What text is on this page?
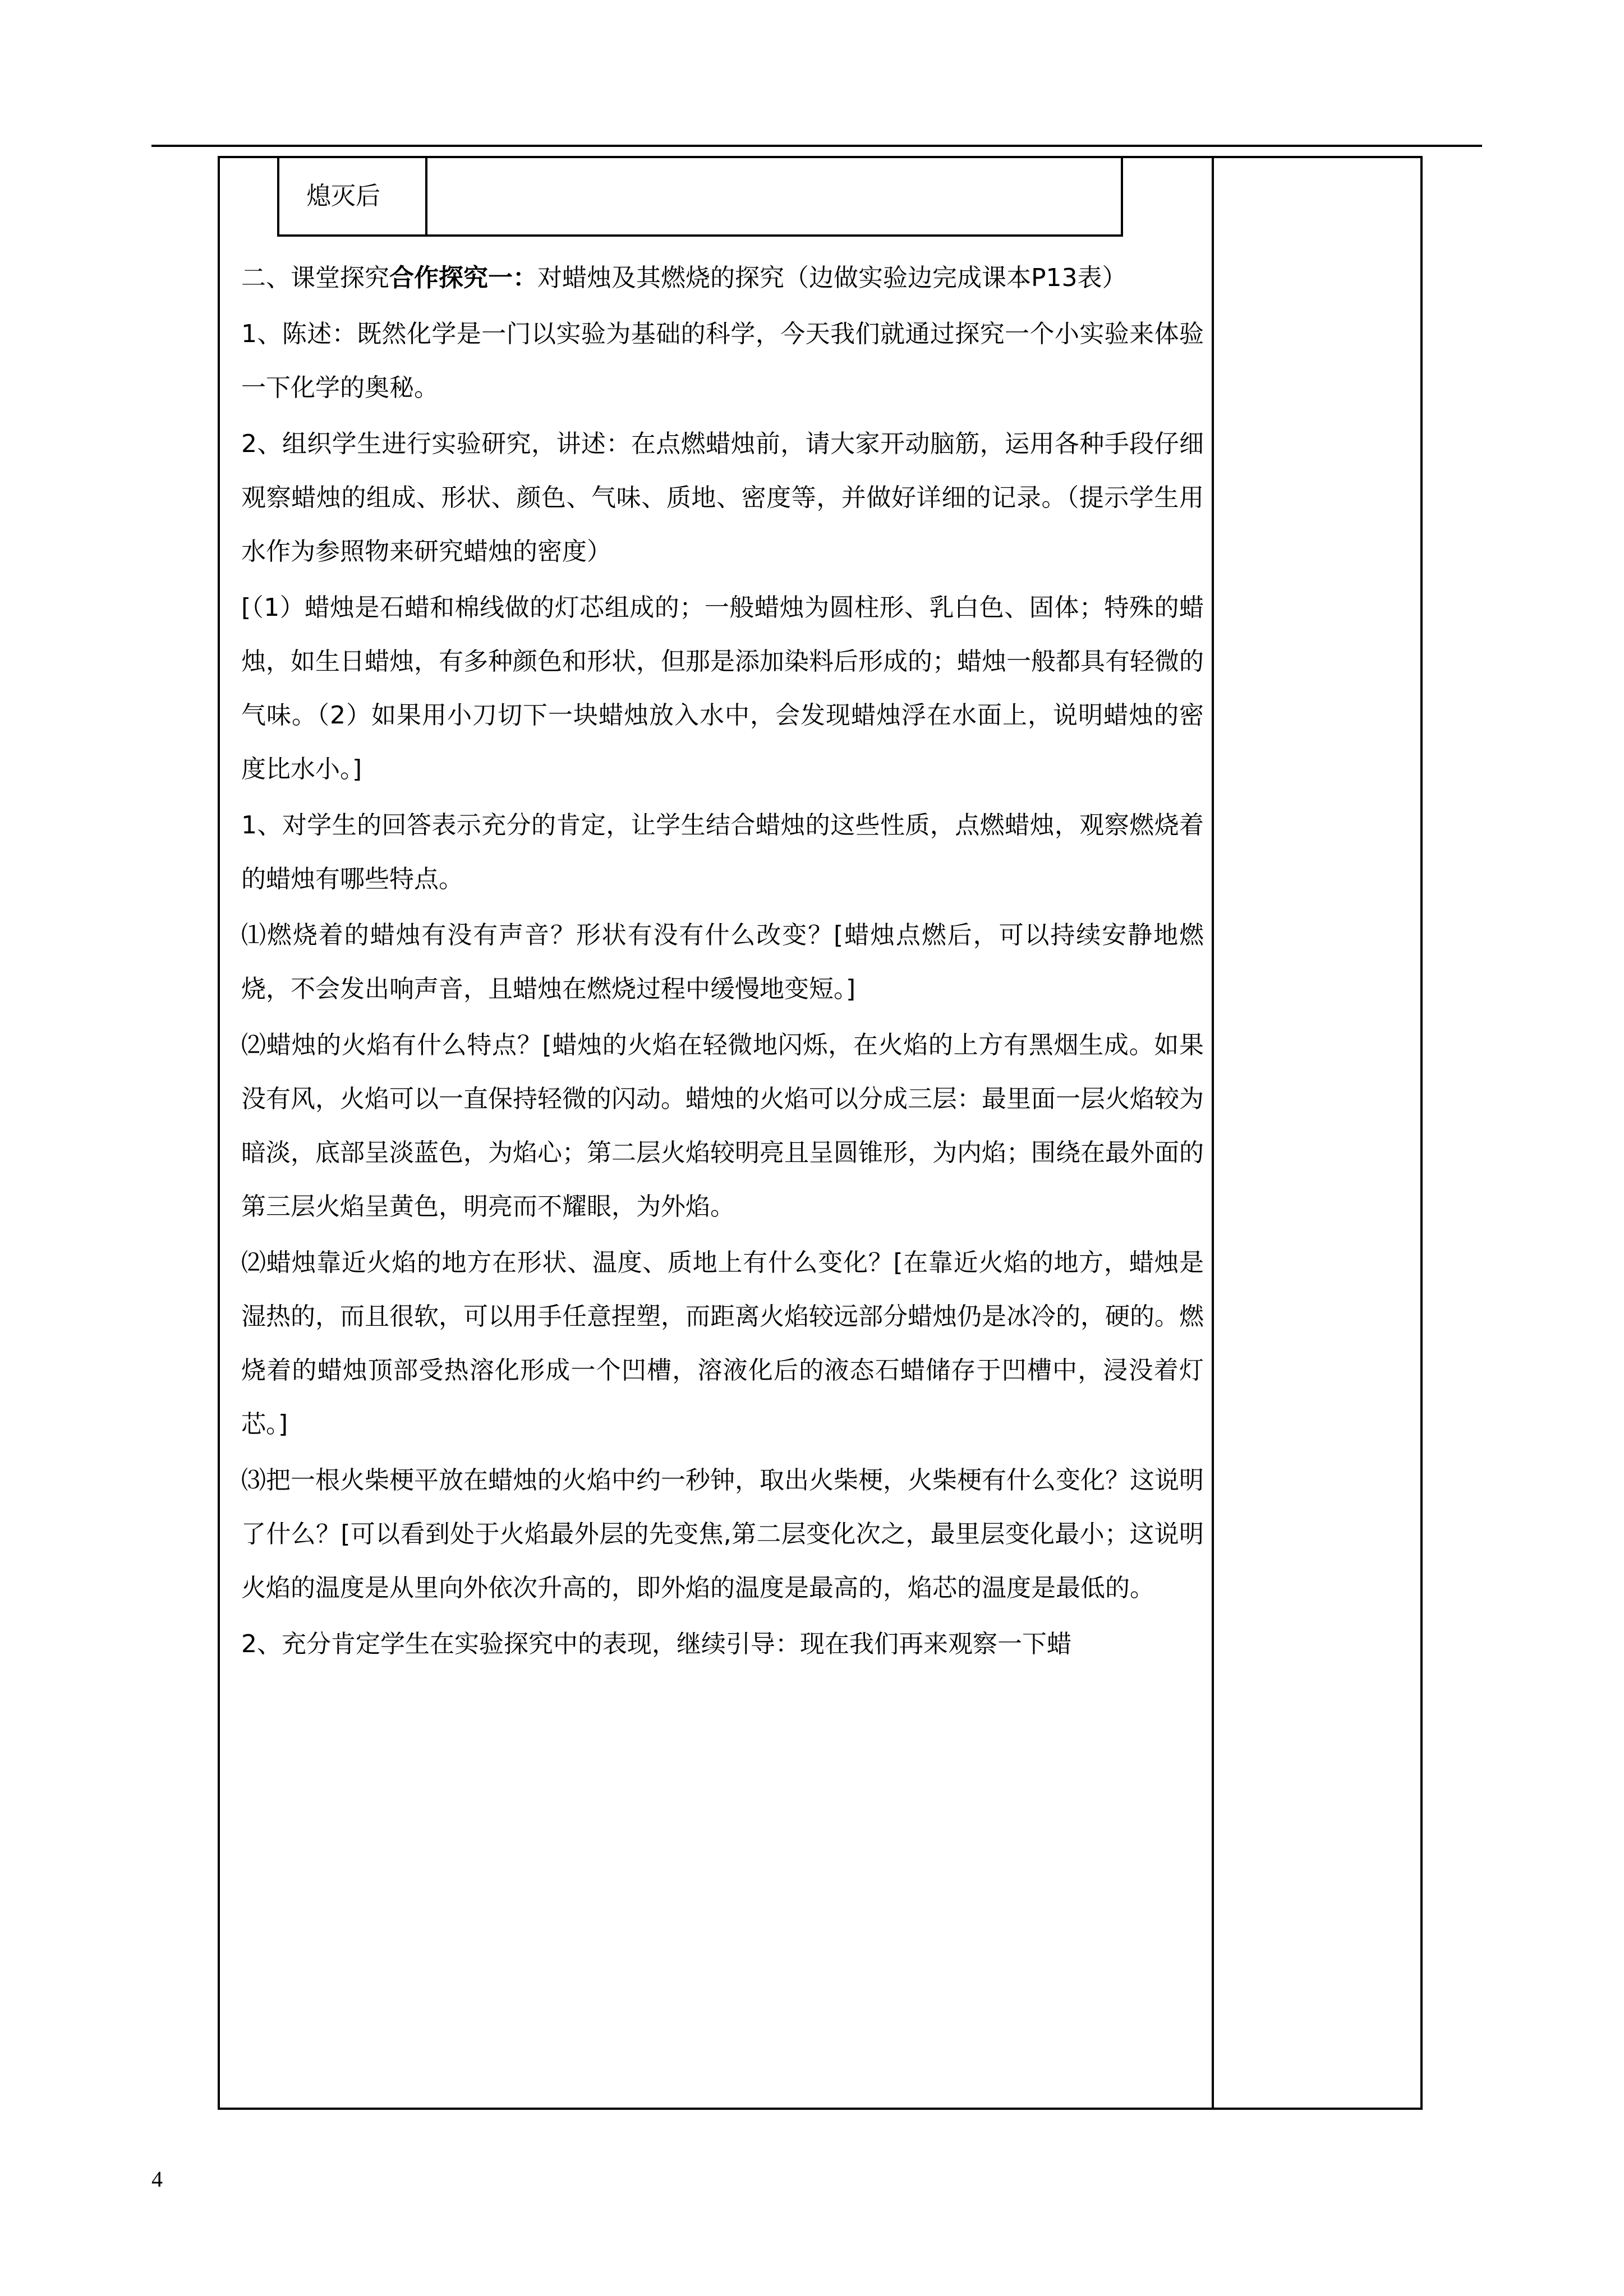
熄灭后

二、课堂探究合作探究一：对蜡烛及其燃烧的探究（边做实验边完成课本P13表）

1、陈述：既然化学是一门以实验为基础的科学，今天我们就通过探究一个小实验来体验一下化学的奥秘。

2、组织学生进行实验研究，讲述：在点燃蜡烛前，请大家开动脑筋，运用各种手段仔细观察蜡烛的组成、形状、颜色、气味、质地、密度等，并做好详细的记录。（提示学生用水作为参照物来研究蜡烛的密度）

[（1）蜡烛是石蜡和棉线做的灯芯组成的；一般蜡烛为圆柱形、乳白色、固体；特殊的蜡烛，如生日蜡烛，有多种颜色和形状，但那是添加染料后形成的；蜡烛一般都具有轻微的气味。（2）如果用小刀切下一块蜡烛放入水中，会发现蜡烛浮在水面上，说明蜡烛的密度比水小。]

1、对学生的回答表示充分的肯定，让学生结合蜡烛的这些性质，点燃蜡烛，观察燃烧着的蜡烛有哪些特点。

⑴燃烧着的蜡烛有没有声音？形状有没有什么改变？[蜡烛点燃后，可以持续安静地燃烧，不会发出响声音，且蜡烛在燃烧过程中缓慢地变短。]

⑵蜡烛的火焰有什么特点？[蜡烛的火焰在轻微地闪烁，在火焰的上方有黑烟生成。如果没有风，火焰可以一直保持轻微的闪动。蜡烛的火焰可以分成三层：最里面一层火焰较为暗淡，底部呈淡蓝色，为焰心；第二层火焰较明亮且呈圆锥形，为内焰；围绕在最外面的第三层火焰呈黄色，明亮而不耀眼，为外焰。

⑵蜡烛靠近火焰的地方在形状、温度、质地上有什么变化？[在靠近火焰的地方，蜡烛是湿热的，而且很软，可以用手任意捏塑，而距离火焰较远部分蜡烛仍是冰冷的，硬的。燃烧着的蜡烛顶部受热溶化形成一个凹槽，溶液化后的液态石蜡储存于凹槽中，浸没着灯芯。]

⑶把一根火柴梗平放在蜡烛的火焰中约一秒钟，取出火柴梗，火柴梗有什么变化？这说明了什么？[可以看到处于火焰最外层的先变焦,第二层变化次之，最里层变化最小；这说明火焰的温度是从里向外依次升高的，即外焰的温度是最高的，焰芯的温度是最低的。

2、充分肯定学生在实验探究中的表现，继续引导：现在我们再来观察一下蜡

4
